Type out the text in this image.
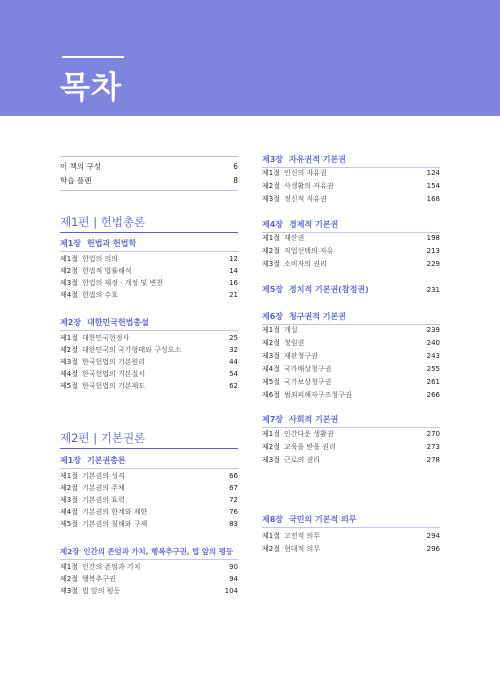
목차
이 책의 구성	6
학습 플랜	8
제1편 | 헌법총론
제1장 헌법과 헌법학
제1절 헌법의 의의	12
제2절 헌법적 법률해석	14
제3절 헌법의 제정 · 개정 및 변천	16
제4절 헌법의 수호	21
제2장 대한민국헌법총설
제1절 대한민국헌정사	25
제2절 대한민국의 국가형태와 구성요소	32
제3절 한국헌법의 기본원리	44
제4절 한국헌법의 기본질서	54
제5절 한국헌법의 기본제도	62
제2편 | 기본권론
제1장 기본권총론
제1절 기본권의 성격	66
제2절 기본권의 주체	67
제3절 기본권의 효력	72
제4절 기본권의 한계와 제한	76
제5절 기본권의 침해와 구제	83
제2장 인간의 존엄과 가치, 행복추구권, 법 앞의 평등
제1절 인간의 존엄과 가치	90
제2절 행복추구권	94
제3절 법 앞의 평등	104
제3장 자유권적 기본권
제1절 인신의 자유권	124
제2절 사생활의 자유권	154
제3절 정신적 자유권	168
제4장 경제적 기본권
제1절 재산권	198
제2절 직업선택의 자유	213
제3절 소비자의 권리	229
제5장 정치적 기본권(참정권)	231
제6장 청구권적 기본권
제1절 개설	239
제2절 청원권	240
제3절 재판청구권	243
제4절 국가배상청구권	255
제5절 국가보상청구권	261
제6절 범죄피해자구조청구권	266
제7장 사회적 기본권
제1절 인간다운 생활권	270
제2절 교육을 받을 권리	273
제3절 근로의 권리	278
제8장 국민의 기본적 의무
제1절 고전적 의무	294
제2절 현대적 의무	296
